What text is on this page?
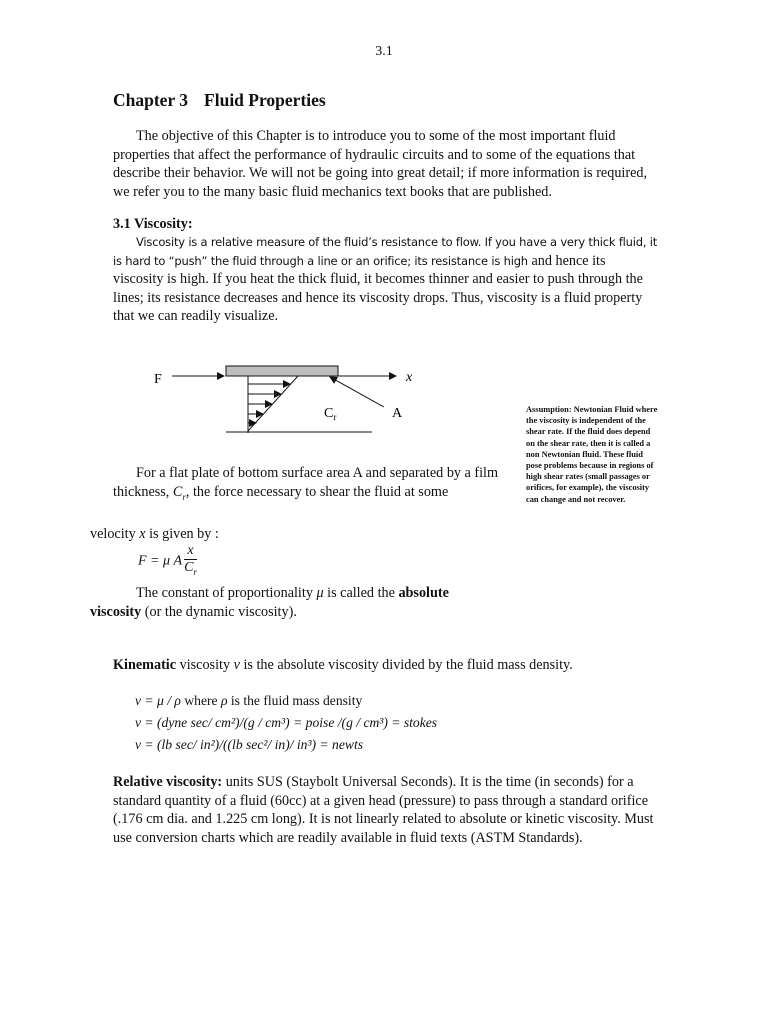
3.1
Chapter 3 Fluid Properties
The objective of this Chapter is to introduce you to some of the most important fluid properties that affect the performance of hydraulic circuits and to some of the equations that describe their behavior. We will not be going into great detail; if more information is required, we refer you to the many basic fluid mechanics text books that are published.
3.1 Viscosity:
Viscosity is a relative measure of the fluid’s resistance to flow. If you have a very thick fluid, it is hard to “push” the fluid through a line or an orifice; its resistance is high and hence its viscosity is high. If you heat the thick fluid, it becomes thinner and easier to push through the lines; its resistance decreases and hence its viscosity drops. Thus, viscosity is a fluid property that we can readily visualize.
F	x
$C_r$	A	Assumption: Newtonian Fluid where the viscosity is independent of the shear rate. If the fluid does depend on the shear rate, then it is called a non Newtonian fluid. These fluid pose problems because in regions of high shear rates (small passages or orifices, for example), the viscosity can change and not recover.
For a flat plate of bottom surface area A and separated by a film thickness, $C_r$, the force necessary to shear the fluid at some

velocity x is given by :
F = μ A $\frac{x}{C_r}$
The constant of proportionality μ is called the absolute
viscosity (or the dynamic viscosity).
Kinematic viscosity ν is the absolute viscosity divided by the fluid mass density.
ν = μ / ρ where ρ is the fluid mass density
ν = (dyne sec/ cm²)/(g / cm³) = poise /(g / cm³) = stokes
ν = (lb sec/ in²)/((lb sec²/ in)/ in³) = newts
Relative viscosity: units SUS (Staybolt Universal Seconds). It is the time (in seconds) for a standard quantity of a fluid (60cc) at a given head (pressure) to pass through a standard orifice (.176 cm dia. and 1.225 cm long). It is not linearly related to absolute or kinetic viscosity. Must use conversion charts which are readily available in fluid texts (ASTM Standards).
